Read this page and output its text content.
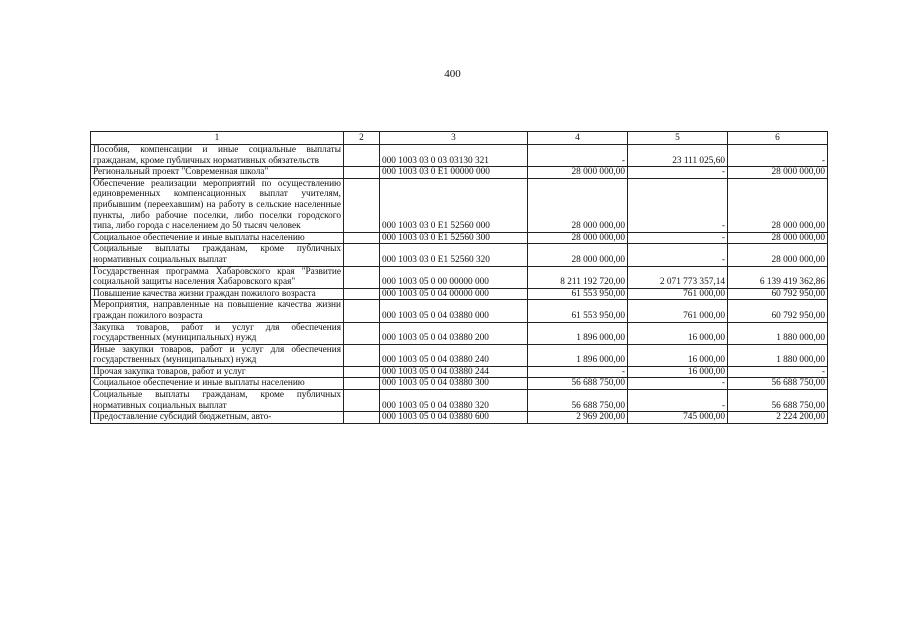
400
1	2	3	4	5	6
Пособия, компенсации и иные социальные выплаты гражданам, кроме публичных нормативных обязательств		000 1003 03 0 03 03130 321	-	23 111 025,60	-
Региональный проект "Современная школа"		000 1003 03 0 E1 00000 000	28 000 000,00	-	28 000 000,00
Обеспечение реализации мероприятий по осуществлению единовременных компенсационных выплат учителям, прибывшим (переехавшим) на работу в сельские населенные пункты, либо рабочие поселки, либо поселки городского типа, либо города с населением до 50 тысяч человек		000 1003 03 0 E1 52560 000	28 000 000,00	-	28 000 000,00
Социальное обеспечение и иные выплаты населению		000 1003 03 0 E1 52560 300	28 000 000,00	-	28 000 000,00
Социальные выплаты гражданам, кроме публичных нормативных социальных выплат		000 1003 03 0 E1 52560 320	28 000 000,00	-	28 000 000,00
Государственная программа Хабаровского края "Развитие социальной защиты населения Хабаровского края"		000 1003 05 0 00 00000 000	8 211 192 720,00	2 071 773 357,14	6 139 419 362,86
Повышение качества жизни граждан пожилого возраста		000 1003 05 0 04 00000 000	61 553 950,00	761 000,00	60 792 950,00
Мероприятия, направленные на повышение качества жизни граждан пожилого возраста		000 1003 05 0 04 03880 000	61 553 950,00	761 000,00	60 792 950,00
Закупка товаров, работ и услуг для обеспечения государственных (муниципальных) нужд		000 1003 05 0 04 03880 200	1 896 000,00	16 000,00	1 880 000,00
Иные закупки товаров, работ и услуг для обеспечения государственных (муниципальных) нужд		000 1003 05 0 04 03880 240	1 896 000,00	16 000,00	1 880 000,00
Прочая закупка товаров, работ и услуг		000 1003 05 0 04 03880 244	-	16 000,00	-
Социальное обеспечение и иные выплаты населению		000 1003 05 0 04 03880 300	56 688 750,00	-	56 688 750,00
Социальные выплаты гражданам, кроме публичных нормативных социальных выплат		000 1003 05 0 04 03880 320	56 688 750,00	-	56 688 750,00
Предоставление субсидий бюджетным, авто-		000 1003 05 0 04 03880 600	2 969 200,00	745 000,00	2 224 200,00
